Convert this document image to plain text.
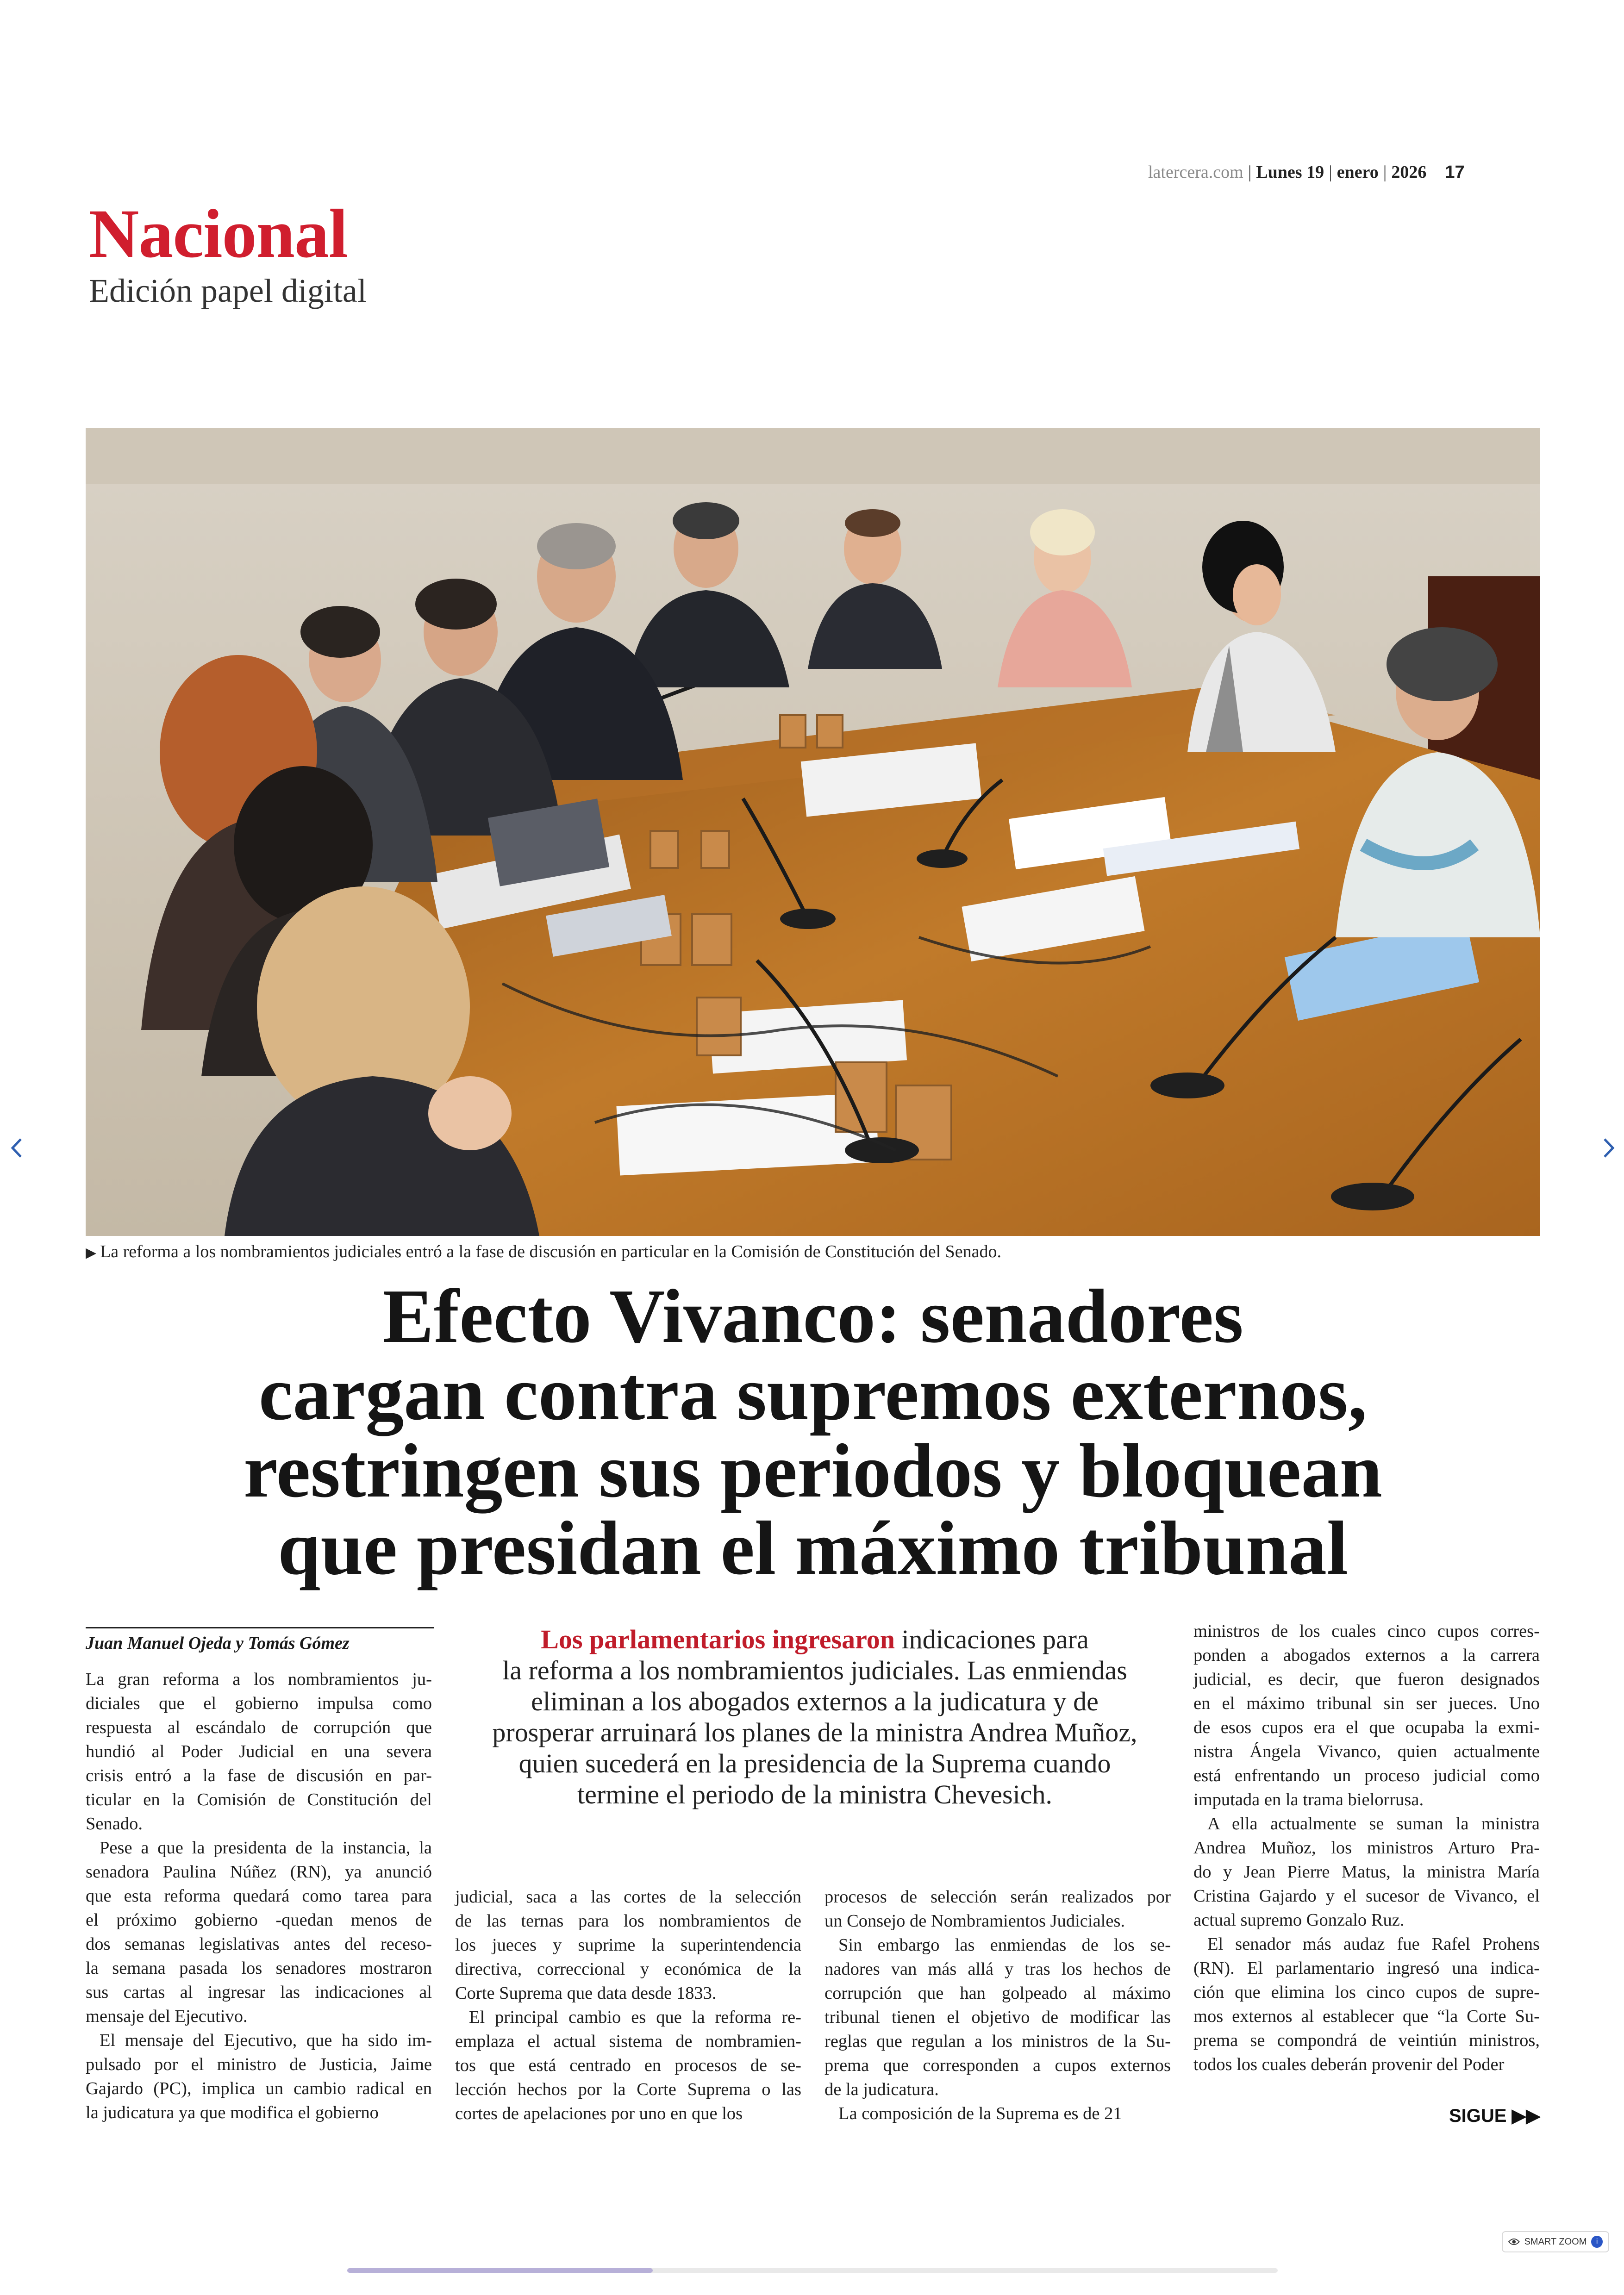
latercera.com | Lunes 19 | enero | 2026 17
Nacional
Edición papel digital
▶ La reforma a los nombramientos judiciales entró a la fase de discusión en particular en la Comisión de Constitución del Senado.
Efecto Vivanco: senadores
cargan contra supremos externos,
restringen sus periodos y bloquean
que presidan el máximo tribunal
Juan Manuel Ojeda y Tomás Gómez	Los parlamentarios ingresaron indicaciones para
la reforma a los nombramientos judiciales. Las enmiendas
eliminan a los abogados externos a la judicatura y de
prosperar arruinará los planes de la ministra Andrea Muñoz,
quien sucederá en la presidencia de la Suprema cuando
termine el periodo de la ministra Chevesich.
La gran reforma a los nombramientos ju-
diciales que el gobierno impulsa como
respuesta al escándalo de corrupción que
hundió al Poder Judicial en una severa
crisis entró a la fase de discusión en par-
ticular en la Comisión de Constitución del
Senado.
Pese a que la presidenta de la instancia, la
senadora Paulina Núñez (RN), ya anunció
que esta reforma quedará como tarea para
el próximo gobierno -quedan menos de
dos semanas legislativas antes del receso-
la semana pasada los senadores mostraron
sus cartas al ingresar las indicaciones al
mensaje del Ejecutivo.
El mensaje del Ejecutivo, que ha sido im-
pulsado por el ministro de Justicia, Jaime
Gajardo (PC), implica un cambio radical en
la judicatura ya que modifica el gobierno
judicial, saca a las cortes de la selección
de las ternas para los nombramientos de
los jueces y suprime la superintendencia
directiva, correccional y económica de la
Corte Suprema que data desde 1833.
El principal cambio es que la reforma re-
emplaza el actual sistema de nombramien-
tos que está centrado en procesos de se-
lección hechos por la Corte Suprema o las
cortes de apelaciones por uno en que los
procesos de selección serán realizados por
un Consejo de Nombramientos Judiciales.
Sin embargo las enmiendas de los se-
nadores van más allá y tras los hechos de
corrupción que han golpeado al máximo
tribunal tienen el objetivo de modificar las
reglas que regulan a los ministros de la Su-
prema que corresponden a cupos externos
de la judicatura.
La composición de la Suprema es de 21
ministros de los cuales cinco cupos corres-
ponden a abogados externos a la carrera
judicial, es decir, que fueron designados
en el máximo tribunal sin ser jueces. Uno
de esos cupos era el que ocupaba la exmi-
nistra Ángela Vivanco, quien actualmente
está enfrentando un proceso judicial como
imputada en la trama bielorrusa.
A ella actualmente se suman la ministra
Andrea Muñoz, los ministros Arturo Pra-
do y Jean Pierre Matus, la ministra María
Cristina Gajardo y el sucesor de Vivanco, el
actual supremo Gonzalo Ruz.
El senador más audaz fue Rafel Prohens
(RN). El parlamentario ingresó una indica-
ción que elimina los cinco cupos de supre-
mos externos al establecer que “la Corte Su-
prema se compondrá de veintiún ministros,
todos los cuales deberán provenir del Poder
SIGUE ▶▶
SMART ZOOM	i
